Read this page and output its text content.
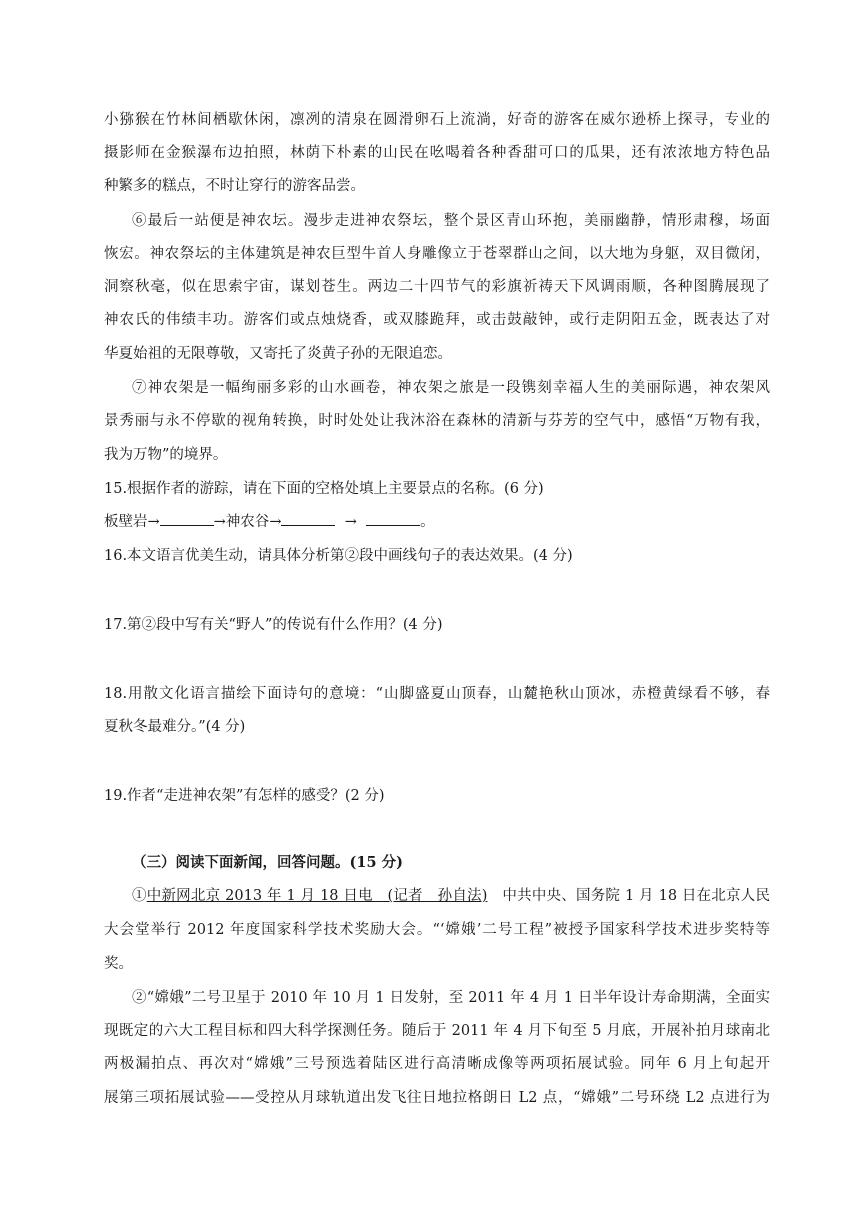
小猕猴在竹林间栖歇休闲，凛冽的清泉在圆滑卵石上流淌，好奇的游客在威尔逊桥上探寻，专业的
摄影师在金猴瀑布边拍照，林荫下朴素的山民在吆喝着各种香甜可口的瓜果，还有浓浓地方特色品
种繁多的糕点，不时让穿行的游客品尝。
⑥最后一站便是神农坛。漫步走进神农祭坛，整个景区青山环抱，美丽幽静，情形肃穆，场面
恢宏。神农祭坛的主体建筑是神农巨型牛首人身雕像立于苍翠群山之间，以大地为身躯，双目微闭，
洞察秋毫，似在思索宇宙，谋划苍生。两边二十四节气的彩旗祈祷天下风调雨顺，各种图腾展现了
神农氏的伟绩丰功。游客们或点烛烧香，或双膝跪拜，或击鼓敲钟，或行走阴阳五金，既表达了对
华夏始祖的无限尊敬，又寄托了炎黄子孙的无限追恋。
⑦神农架是一幅绚丽多彩的山水画卷，神农架之旅是一段镌刻幸福人生的美丽际遇，神农架风
景秀丽与永不停歇的视角转换，时时处处让我沐浴在森林的清新与芬芳的空气中，感悟“万物有我，
我为万物”的境界。
15.根据作者的游踪，请在下面的空格处填上主要景点的名称。(6 分)
板壁岩→	→神农谷→	→	。
16.本文语言优美生动，请具体分析第②段中画线句子的表达效果。(4 分)
17.第②段中写有关“野人”的传说有什么作用？(4 分)
18.用散文化语言描绘下面诗句的意境：“山脚盛夏山顶春，山麓艳秋山顶冰，赤橙黄绿看不够，春
夏秋冬最难分。”(4 分)
19.作者“走进神农架”有怎样的感受？(2 分)
（三）阅读下面新闻，回答问题。(15 分)
①中新网北京 2013 年 1 月 18 日电　(记者　孙自法)　中共中央、国务院 1 月 18 日在北京人民
大会堂举行 2012 年度国家科学技术奖励大会。“‘嫦娥’二号工程”被授予国家科学技术进步奖特等
奖。
②“嫦娥”二号卫星于 2010 年 10 月 1 日发射，至 2011 年 4 月 1 日半年设计寿命期满，全面实
现既定的六大工程目标和四大科学探测任务。随后于 2011 年 4 月下旬至 5 月底，开展补拍月球南北
两极漏拍点、再次对“嫦娥”三号预选着陆区进行高清晰成像等两项拓展试验。同年 6 月上旬起开
展第三项拓展试验——受控从月球轨道出发飞往日地拉格朗日 L2 点，“嫦娥”二号环绕 L2 点进行为
